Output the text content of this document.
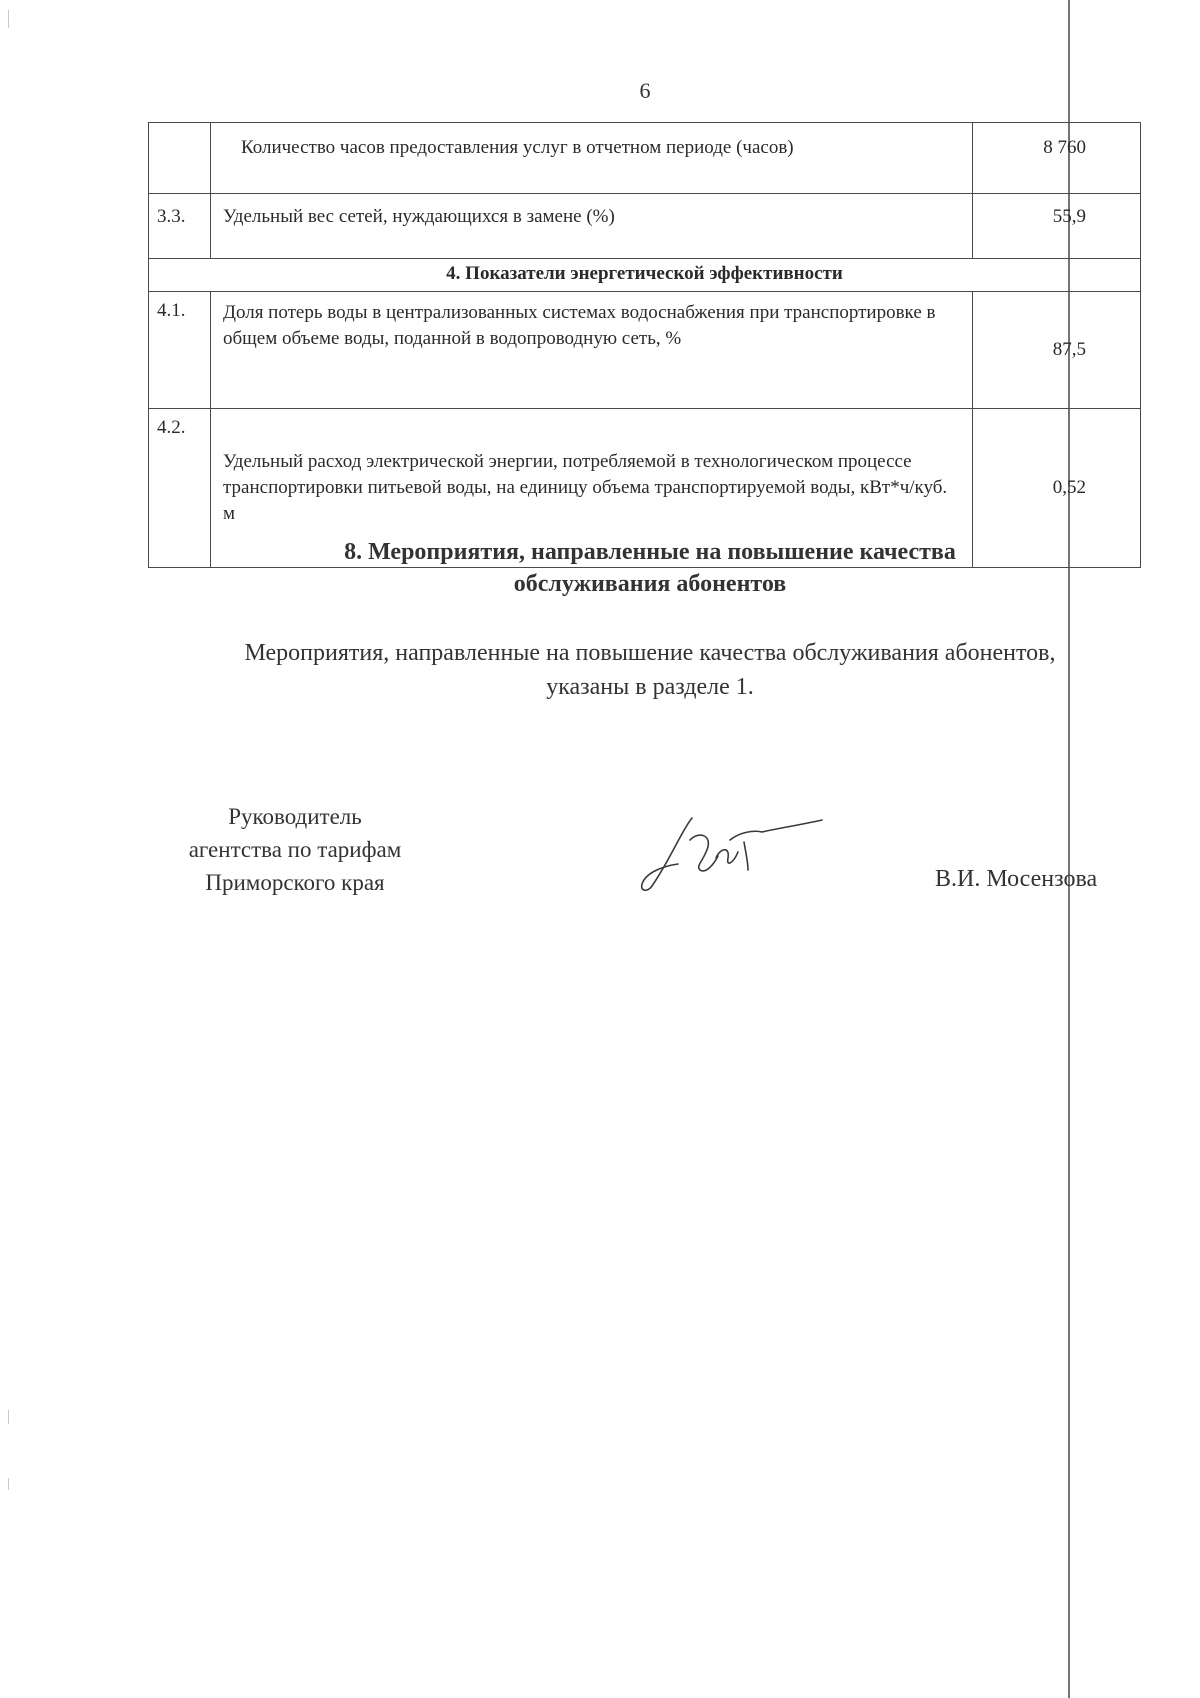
6
	Количество часов предоставления услуг в отчетном периоде (часов)	8 760
3.3.	Удельный вес сетей, нуждающихся в замене (%)	55,9
4. Показатели энергетической эффективности		
4.1.	Доля потерь воды в централизованных системах водоснабжения при транспортировке в общем объеме воды, поданной в водопроводную сеть, %	87,5
4.2.	Удельный расход электрической энергии, потребляемой в технологическом процессе транспортировки питьевой воды, на единицу объема транспортируемой воды, кВт*ч/куб. м	0,52
8. Мероприятия, направленные на повышение качества
обслуживания абонентов
Мероприятия, направленные на повышение качества обслуживания абонентов,
указаны в разделе 1.
Руководитель
агентства по тарифам
Приморского края	В.И. Мосензова
